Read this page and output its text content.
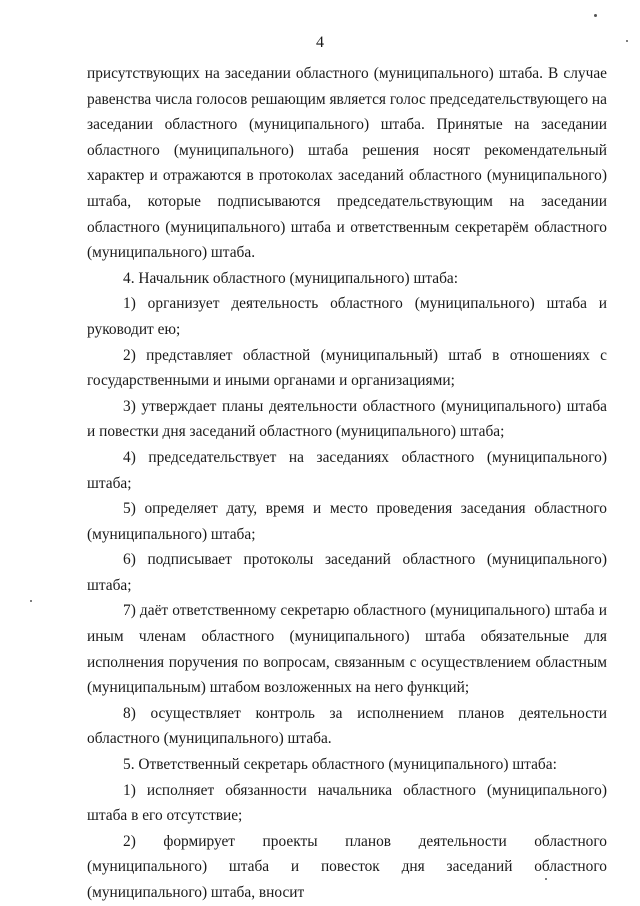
4

присутствующих на заседании областного (муниципального) штаба. В случае равенства числа голосов решающим является голос председательствующего на заседании областного (муниципального) штаба. Принятые на заседании областного (муниципального) штаба решения носят рекомендательный характер и отражаются в протоколах заседаний областного (муниципального) штаба, которые подписываются председательствующим на заседании областного (муниципального) штаба и ответственным секретарём областного (муниципального) штаба.

4. Начальник областного (муниципального) штаба:

1) организует деятельность областного (муниципального) штаба и руководит ею;

2) представляет областной (муниципальный) штаб в отношениях с государственными и иными органами и организациями;

3) утверждает планы деятельности областного (муниципального) штаба и повестки дня заседаний областного (муниципального) штаба;

4) председательствует на заседаниях областного (муниципального) штаба;

5) определяет дату, время и место проведения заседания областного (муниципального) штаба;

6) подписывает протоколы заседаний областного (муниципального) штаба;

7) даёт ответственному секретарю областного (муниципального) штаба и иным членам областного (муниципального) штаба обязательные для исполнения поручения по вопросам, связанным с осуществлением областным (муниципальным) штабом возложенных на него функций;

8) осуществляет контроль за исполнением планов деятельности областного (муниципального) штаба.

5. Ответственный секретарь областного (муниципального) штаба:

1) исполняет обязанности начальника областного (муниципального) штаба в его отсутствие;

2) формирует проекты планов деятельности областного (муниципального) штаба и повесток дня заседаний областного (муниципального) штаба, вносит
